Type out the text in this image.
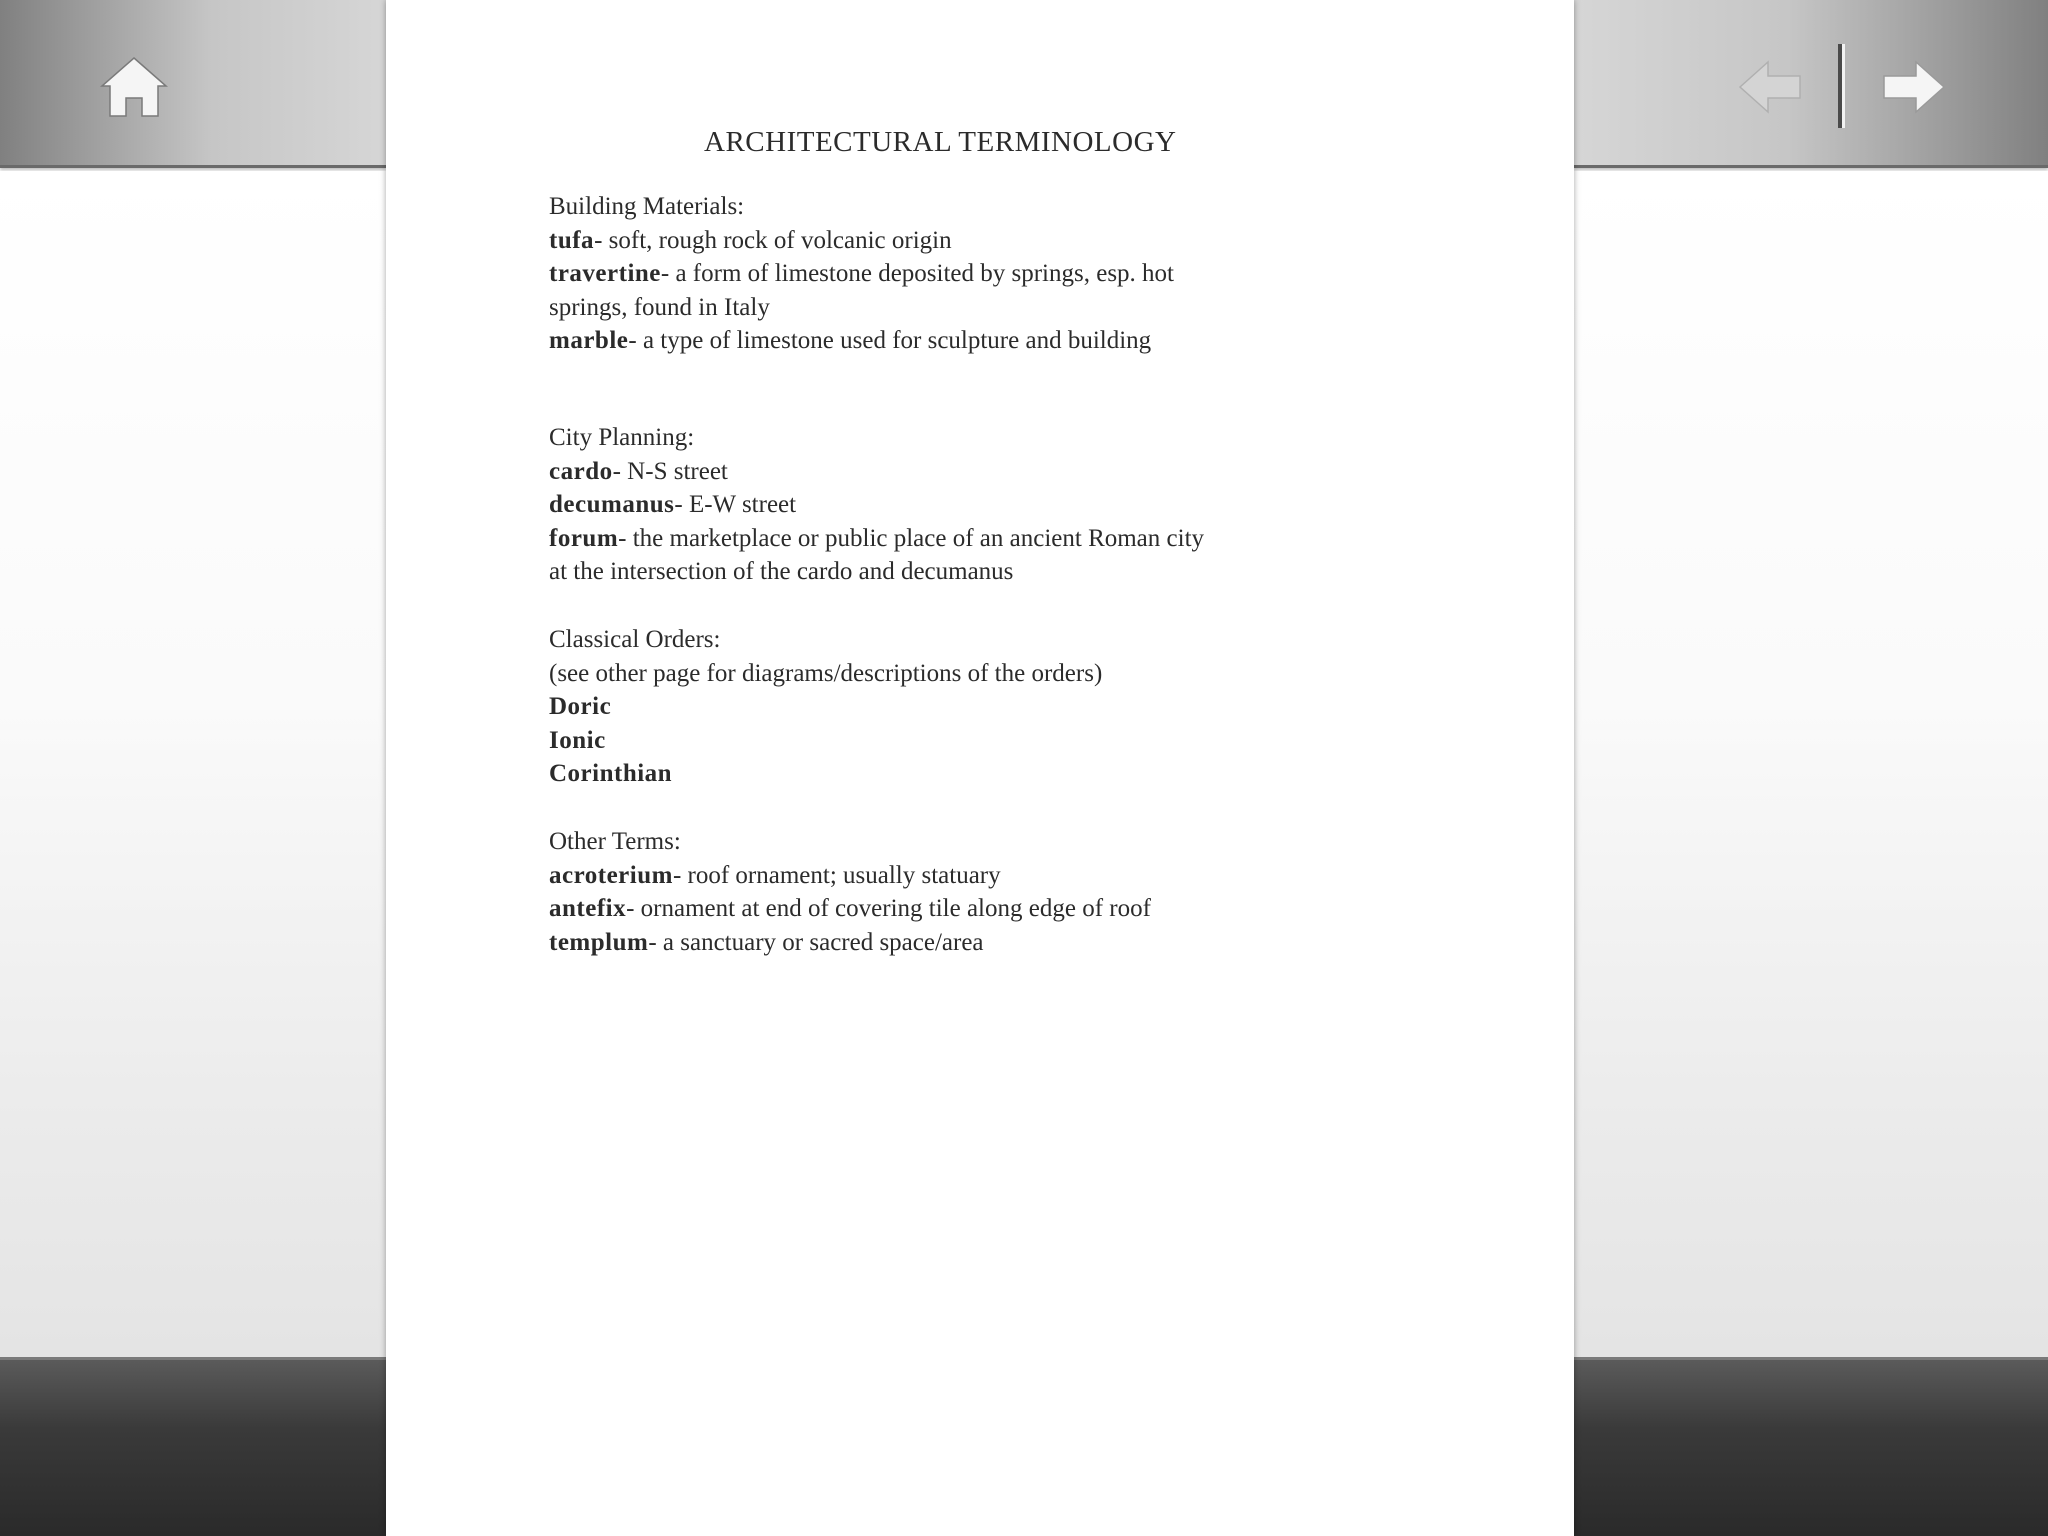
ARCHITECTURAL TERMINOLOGY

Building Materials:

tufa- soft, rough rock of volcanic origin

travertine- a form of limestone deposited by springs, esp. hot

springs, found in Italy

marble- a type of limestone used for sculpture and building

City Planning:

cardo- N-S street

decumanus- E-W street

forum- the marketplace or public place of an ancient Roman city

at the intersection of the cardo and decumanus

Classical Orders:

(see other page for diagrams/descriptions of the orders)

Doric

Ionic

Corinthian

Other Terms:

acroterium- roof ornament; usually statuary

antefix- ornament at end of covering tile along edge of roof

templum- a sanctuary or sacred space/area
